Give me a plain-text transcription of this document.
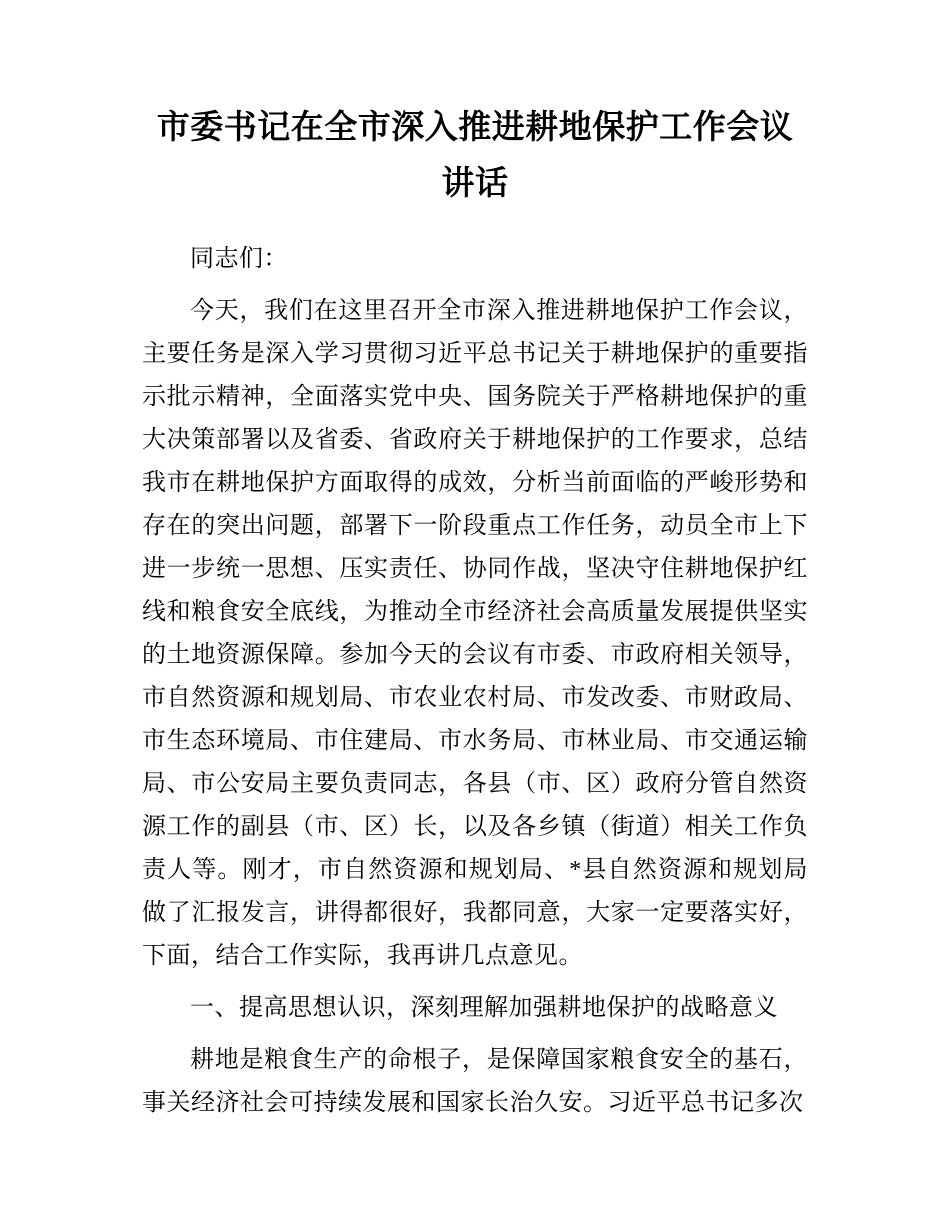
市委书记在全市深入推进耕地保护工作会议讲话

同志们：

今天，我们在这里召开全市深入推进耕地保护工作会议，主要任务是深入学习贯彻习近平总书记关于耕地保护的重要指示批示精神，全面落实党中央、国务院关于严格耕地保护的重大决策部署以及省委、省政府关于耕地保护的工作要求，总结我市在耕地保护方面取得的成效，分析当前面临的严峻形势和存在的突出问题，部署下一阶段重点工作任务，动员全市上下进一步统一思想、压实责任、协同作战，坚决守住耕地保护红线和粮食安全底线，为推动全市经济社会高质量发展提供坚实的土地资源保障。参加今天的会议有市委、市政府相关领导，市自然资源和规划局、市农业农村局、市发改委、市财政局、市生态环境局、市住建局、市水务局、市林业局、市交通运输局、市公安局主要负责同志，各县（市、区）政府分管自然资源工作的副县（市、区）长，以及各乡镇（街道）相关工作负责人等。刚才，市自然资源和规划局、*县自然资源和规划局做了汇报发言，讲得都很好，我都同意，大家一定要落实好，下面，结合工作实际，我再讲几点意见。

一、提高思想认识，深刻理解加强耕地保护的战略意义

耕地是粮食生产的命根子，是保障国家粮食安全的基石，事关经济社会可持续发展和国家长治久安。习近平总书记多次
